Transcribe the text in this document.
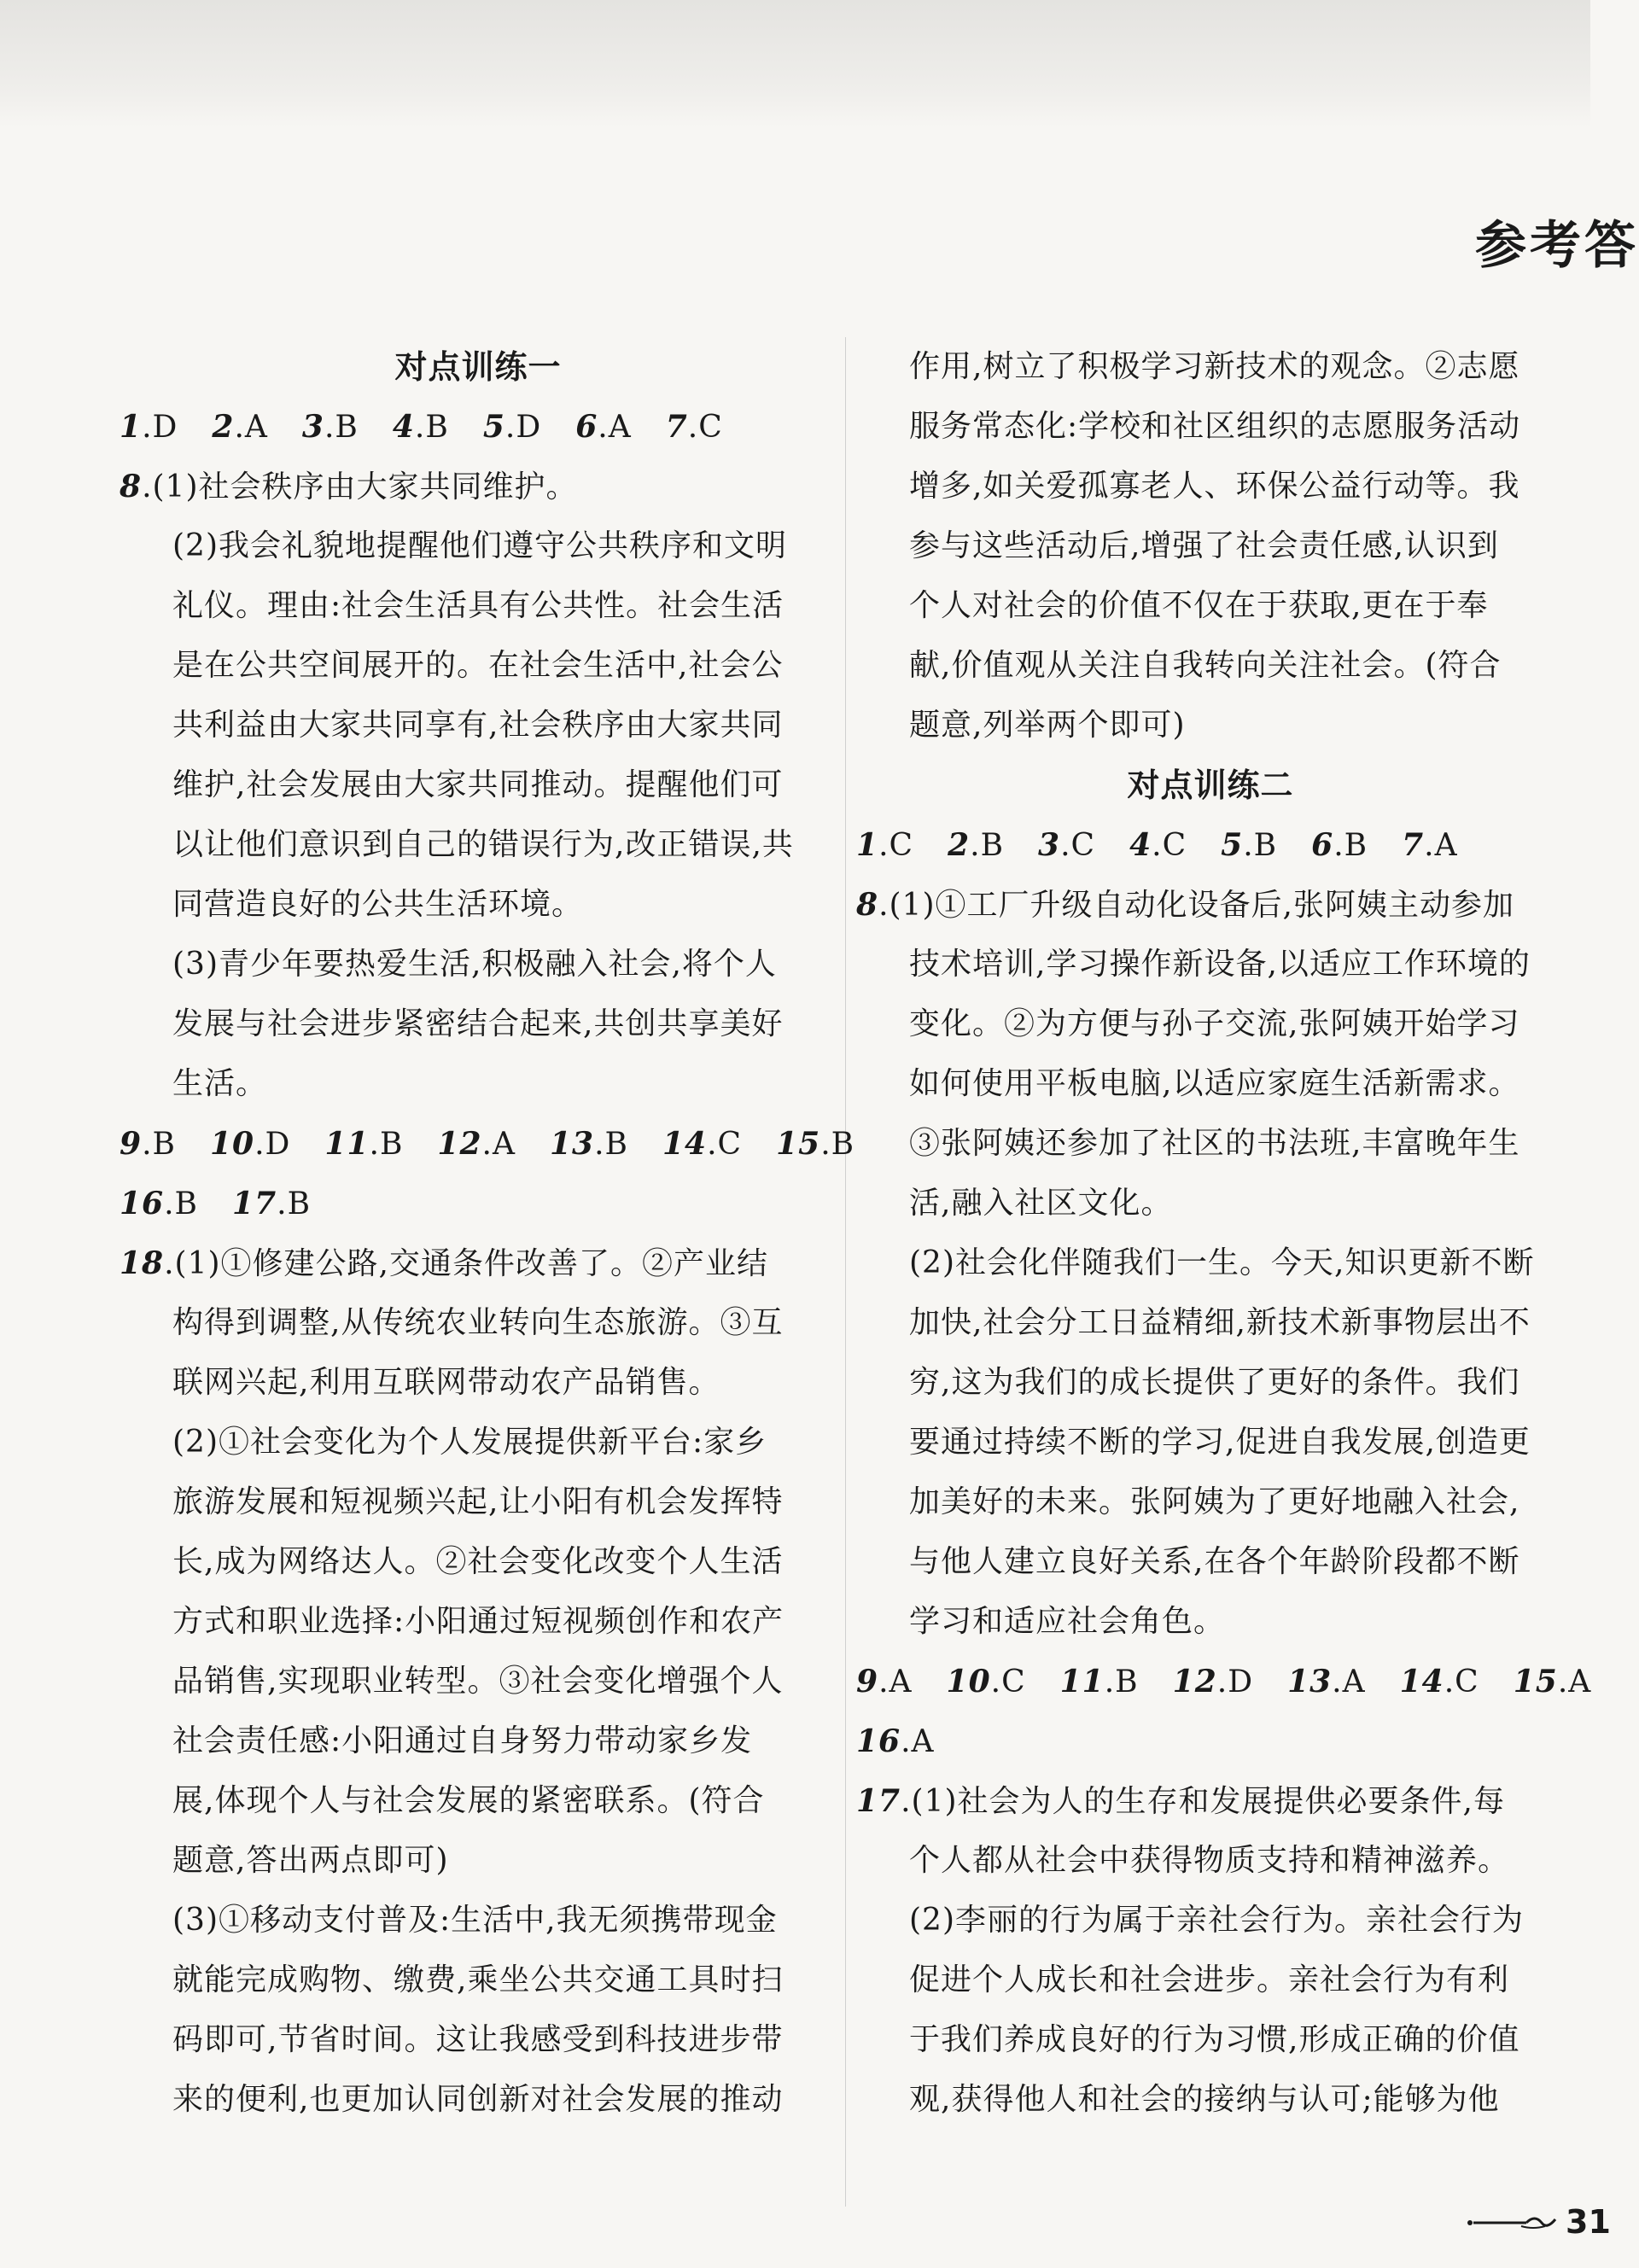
参考答
对点训练一
1.D 2.A 3.B 4.B 5.D 6.A 7.C
8.(1)社会秩序由大家共同维护。
(2)我会礼貌地提醒他们遵守公共秩序和文明
礼仪。理由:社会生活具有公共性。社会生活
是在公共空间展开的。在社会生活中,社会公
共利益由大家共同享有,社会秩序由大家共同
维护,社会发展由大家共同推动。提醒他们可
以让他们意识到自己的错误行为,改正错误,共
同营造良好的公共生活环境。
(3)青少年要热爱生活,积极融入社会,将个人
发展与社会进步紧密结合起来,共创共享美好
生活。
9.B 10.D 11.B 12.A 13.B 14.C 15.B
16.B 17.B
18.(1)①修建公路,交通条件改善了。②产业结
构得到调整,从传统农业转向生态旅游。③互
联网兴起,利用互联网带动农产品销售。
(2)①社会变化为个人发展提供新平台:家乡
旅游发展和短视频兴起,让小阳有机会发挥特
长,成为网络达人。②社会变化改变个人生活
方式和职业选择:小阳通过短视频创作和农产
品销售,实现职业转型。③社会变化增强个人
社会责任感:小阳通过自身努力带动家乡发
展,体现个人与社会发展的紧密联系。(符合
题意,答出两点即可)
(3)①移动支付普及:生活中,我无须携带现金
就能完成购物、缴费,乘坐公共交通工具时扫
码即可,节省时间。这让我感受到科技进步带
来的便利,也更加认同创新对社会发展的推动
作用,树立了积极学习新技术的观念。②志愿
服务常态化:学校和社区组织的志愿服务活动
增多,如关爱孤寡老人、环保公益行动等。我
参与这些活动后,增强了社会责任感,认识到
个人对社会的价值不仅在于获取,更在于奉
献,价值观从关注自我转向关注社会。(符合
题意,列举两个即可)
对点训练二
1.C 2.B 3.C 4.C 5.B 6.B 7.A
8.(1)①工厂升级自动化设备后,张阿姨主动参加
技术培训,学习操作新设备,以适应工作环境的
变化。②为方便与孙子交流,张阿姨开始学习
如何使用平板电脑,以适应家庭生活新需求。
③张阿姨还参加了社区的书法班,丰富晚年生
活,融入社区文化。
(2)社会化伴随我们一生。今天,知识更新不断
加快,社会分工日益精细,新技术新事物层出不
穷,这为我们的成长提供了更好的条件。我们
要通过持续不断的学习,促进自我发展,创造更
加美好的未来。张阿姨为了更好地融入社会,
与他人建立良好关系,在各个年龄阶段都不断
学习和适应社会角色。
9.A 10.C 11.B 12.D 13.A 14.C 15.A
16.A
17.(1)社会为人的生存和发展提供必要条件,每
个人都从社会中获得物质支持和精神滋养。
(2)李丽的行为属于亲社会行为。亲社会行为
促进个人成长和社会进步。亲社会行为有利
于我们养成良好的行为习惯,形成正确的价值
观,获得他人和社会的接纳与认可;能够为他
31
